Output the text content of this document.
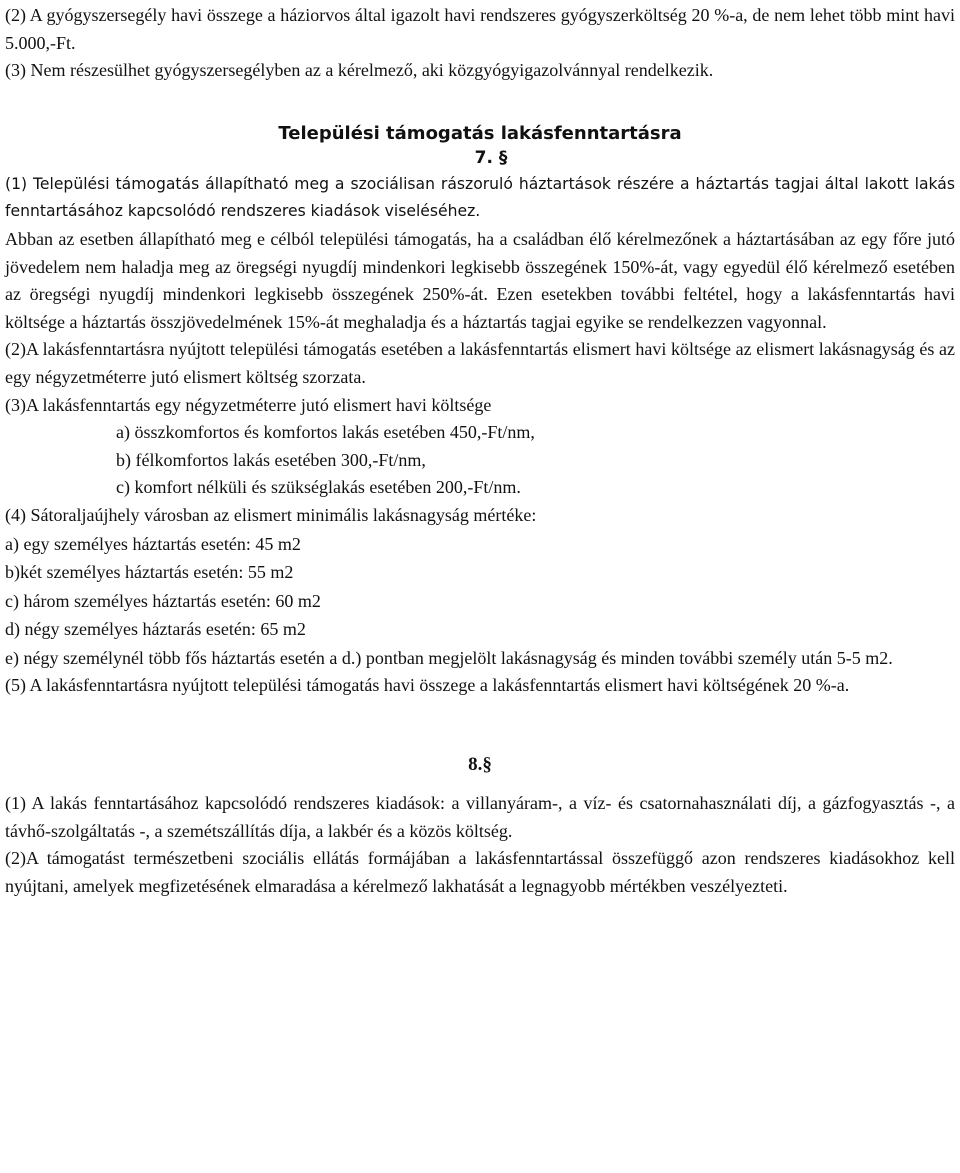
(2) A gyógyszersegély havi összege a háziorvos által igazolt havi rendszeres gyógyszerköltség 20 %-a, de nem lehet több mint havi 5.000,-Ft.

(3) Nem részesülhet gyógyszersegélyben az a kérelmező, aki közgyógyigazolvánnyal rendelkezik.

Települési támogatás lakásfenntartásra

7. §

(1) Települési támogatás állapítható meg a szociálisan rászoruló háztartások részére a háztartás tagjai által lakott lakás fenntartásához kapcsolódó rendszeres kiadások viseléséhez.

Abban az esetben állapítható meg e célból települési támogatás, ha a családban élő kérelmezőnek a háztartásában az egy főre jutó jövedelem nem haladja meg az öregségi nyugdíj mindenkori legkisebb összegének 150%-át, vagy egyedül élő kérelmező esetében az öregségi nyugdíj mindenkori legkisebb összegének 250%-át. Ezen esetekben további feltétel, hogy a lakásfenntartás havi költsége a háztartás összjövedelmének 15%-át meghaladja és a háztartás tagjai egyike se rendelkezzen vagyonnal.

(2)A lakásfenntartásra nyújtott települési támogatás esetében a lakásfenntartás elismert havi költsége az elismert lakásnagyság és az egy négyzetméterre jutó elismert költség szorzata.

(3)A lakásfenntartás egy négyzetméterre jutó elismert havi költsége

a) összkomfortos és komfortos lakás esetében 450,-Ft/nm,

b) félkomfortos lakás esetében 300,-Ft/nm,

c) komfort nélküli és szükséglakás esetében 200,-Ft/nm.

(4) Sátoraljaújhely városban az elismert minimális lakásnagyság mértéke:

a) egy személyes háztartás esetén: 45 m2

b)két személyes háztartás esetén: 55 m2

c) három személyes háztartás esetén: 60 m2

d) négy személyes háztarás esetén: 65 m2

e) négy személynél több fős háztartás esetén a d.) pontban megjelölt lakásnagyság és minden további személy után 5-5 m2.

(5) A lakásfenntartásra nyújtott települési támogatás havi összege a lakásfenntartás elismert havi költségének 20 %-a.

8.§

(1) A lakás fenntartásához kapcsolódó rendszeres kiadások: a villanyáram-, a víz- és csatornahasználati díj, a gázfogyasztás -, a távhő-szolgáltatás -, a szemétszállítás díja, a lakbér és a közös költség.

(2)A támogatást természetbeni szociális ellátás formájában a lakásfenntartással összefüggő azon rendszeres kiadásokhoz kell nyújtani, amelyek megfizetésének elmaradása a kérelmező lakhatását a legnagyobb mértékben veszélyezteti.
